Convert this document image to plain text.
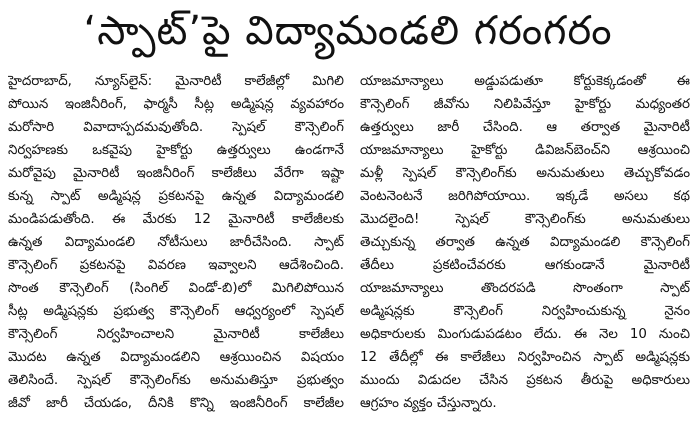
‘స్పాట్’పై విద్యామండలి గరంగరం
హైదరాబాద్, న్యూస్‌లైన్: మైనారిటీ కాలేజీల్లో మిగిలి
పోయిన ఇంజినీరింగ్, ఫార్మసీ సీట్ల అడ్మిషన్ల వ్యవహారం
మరోసారి వివాదాస్పదమవుతోంది. స్పెషల్ కౌన్సెలింగ్
నిర్వహణకు ఒకవైపు హైకోర్టు ఉత్తర్వులు ఉండగానే
మరోవైపు మైనారిటీ ఇంజినీరింగ్ కాలేజీలు వేరేగా ఇష్టా
కున్న స్పాట్ అడ్మిషన్ల ప్రకటనపై ఉన్నత విద్యామండలి
మండిపడుతోంది. ఈ మేరకు 12 మైనారిటీ కాలేజీలకు
ఉన్నత విద్యామండలి నోటీసులు జారీచేసింది. స్పాట్
కౌన్సెలింగ్ ప్రకటనపై వివరణ ఇవ్వాలని ఆదేశించింది.
సొంత కౌన్సెలింగ్ (సింగిల్ విండో-బి)లో మిగిలిపోయిన
సీట్ల అడ్మిషన్లకు ప్రభుత్వ కౌన్సెలింగ్ ఆధ్వర్యంలో స్పెషల్
కౌన్సెలింగ్ నిర్వహించాలని మైనారిటీ కాలేజీలు
మొదట ఉన్నత విద్యామండలిని ఆశ్రయించిన విషయం
తెలిసిందే. స్పెషల్ కౌన్సెలింగ్‌కు అనుమతిస్తూ ప్రభుత్వం
జీవో జారీ చేయడం, దీనికి కొన్ని ఇంజినీరింగ్ కాలేజీల
యాజమాన్యాలు అడ్డుపడుతూ కోర్టుకెక్కడంతో ఈ
కౌన్సెలింగ్ జీవోను నిలిపివేస్తూ హైకోర్టు మధ్యంతర
ఉత్తర్వులు జారీ చేసింది. ఆ తర్వాత మైనారిటీ
యాజమాన్యాలు హైకోర్టు డివిజన్‌బెంచ్‌ని ఆశ్రయించి
మళ్లీ స్పెషల్ కౌన్సెలింగ్‌కు అనుమతులు తెచ్చుకోవడం
వెంటనెంటనే జరిగిపోయాయి. ఇక్కడే అసలు కథ
మొదలైంది! స్పెషల్ కౌన్సెలింగ్‌కు అనుమతులు
తెచ్చుకున్న తర్వాత ఉన్నత విద్యామండలి కౌన్సెలింగ్
తేదీలు ప్రకటించేవరకు ఆగకుండానే మైనారిటీ
యాజమాన్యాలు తొందరపడి సొంతంగా స్పాట్
అడ్మిషన్లకు కౌన్సెలింగ్ నిర్వహించుకున్న నైనం
అధికారులకు మింగుడుపడటం లేదు. ఈ నెల 10 నుంచి
12 తేదీల్లో ఈ కాలేజీలు నిర్వహించిన స్పాట్ అడ్మిషన్లకు
ముందు విడుదల చేసిన ప్రకటన తీరుపై అధికారులు
ఆగ్రహం వ్యక్తం చేస్తున్నారు.
